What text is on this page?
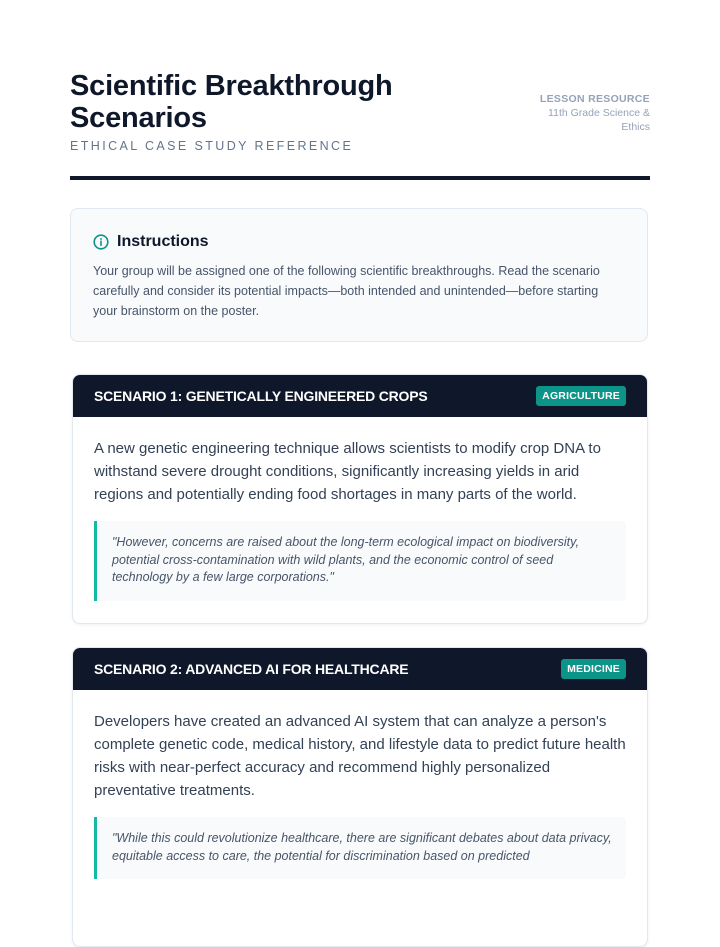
Scientific Breakthrough Scenarios
ETHICAL CASE STUDY REFERENCE
LESSON RESOURCE
11th Grade Science & Ethics
Instructions

Your group will be assigned one of the following scientific breakthroughs. Read the scenario carefully and consider its potential impacts—both intended and unintended—before starting your brainstorm on the poster.

SCENARIO 1: GENETICALLY ENGINEERED CROPS	AGRICULTURE

A new genetic engineering technique allows scientists to modify crop DNA to withstand severe drought conditions, significantly increasing yields in arid regions and potentially ending food shortages in many parts of the world.

"However, concerns are raised about the long-term ecological impact on biodiversity, potential cross-contamination with wild plants, and the economic control of seed technology by a few large corporations."

SCENARIO 2: ADVANCED AI FOR HEALTHCARE	MEDICINE

Developers have created an advanced AI system that can analyze a person's complete genetic code, medical history, and lifestyle data to predict future health risks with near-perfect accuracy and recommend highly personalized preventative treatments.

"While this could revolutionize healthcare, there are significant debates about data privacy, equitable access to care, the potential for discrimination based on predicted
